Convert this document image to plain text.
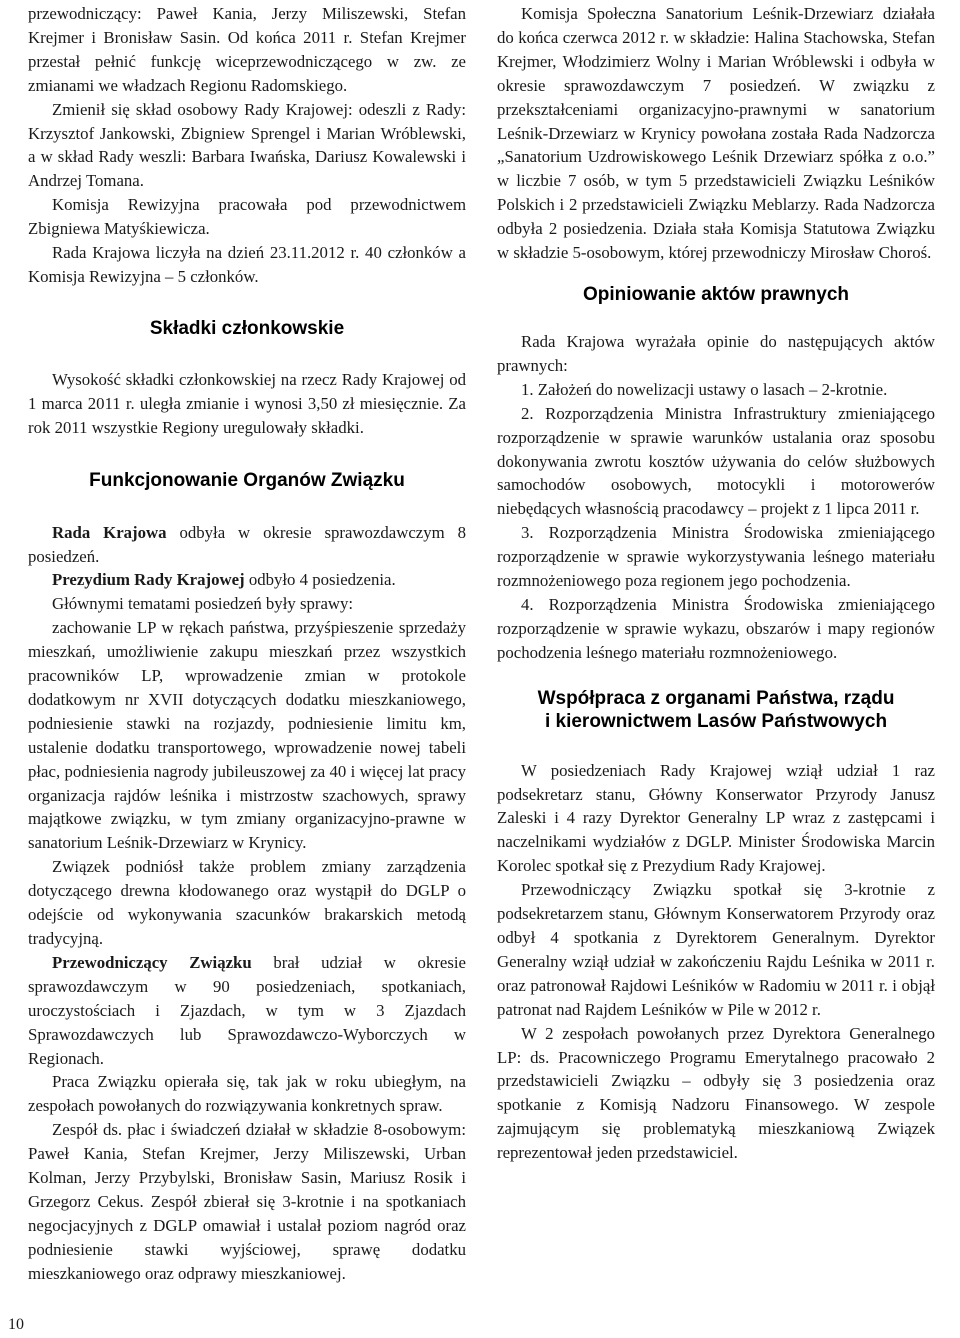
przewodniczący: Paweł Kania, Jerzy Miliszewski, Stefan Krejmer i Bronisław Sasin. Od końca 2011 r. Stefan Krejmer przestał pełnić funkcję wiceprzewodniczącego w zw. ze zmianami we władzach Regionu Radomskiego.

Zmienił się skład osobowy Rady Krajowej: odeszli z Rady: Krzysztof Jankowski, Zbigniew Sprengel i Marian Wróblewski, a w skład Rady weszli: Barbara Iwańska, Dariusz Kowalewski i Andrzej Tomana.

Komisja Rewizyjna pracowała pod przewodnictwem Zbigniewa Matyśkiewicza.

Rada Krajowa liczyła na dzień 23.11.2012 r. 40 członków a Komisja Rewizyjna – 5 członków.

Składki członkowskie

Wysokość składki członkowskiej na rzecz Rady Krajowej od 1 marca 2011 r. uległa zmianie i wynosi 3,50 zł miesięcznie. Za rok 2011 wszystkie Regiony uregulowały składki.

Funkcjonowanie Organów Związku

Rada Krajowa odbyła w okresie sprawozdawczym 8 posiedzeń.

Prezydium Rady Krajowej odbyło 4 posiedzenia.

Głównymi tematami posiedzeń były sprawy:

zachowanie LP w rękach państwa, przyśpieszenie sprzedaży mieszkań, umożliwienie zakupu mieszkań przez wszystkich pracowników LP, wprowadzenie zmian w protokole dodatkowym nr XVII dotyczących dodatku mieszkaniowego, podniesienie stawki na rozjazdy, podniesienie limitu km, ustalenie dodatku transportowego, wprowadzenie nowej tabeli płac, podniesienia nagrody jubileuszowej za 40 i więcej lat pracy organizacja rajdów leśnika i mistrzostw szachowych, sprawy majątkowe związku, w tym zmiany organizacyjno-prawne w sanatorium Leśnik-Drzewiarz w Krynicy.

Związek podniósł także problem zmiany zarządzenia dotyczącego drewna kłodowanego oraz wystąpił do DGLP o odejście od wykonywania szacunków brakarskich metodą tradycyjną.

Przewodniczący Związku brał udział w okresie sprawozdawczym w 90 posiedzeniach, spotkaniach, uroczystościach i Zjazdach, w tym w 3 Zjazdach Sprawozdawczych lub Sprawozdawczo-Wyborczych w Regionach.

Praca Związku opierała się, tak jak w roku ubiegłym, na zespołach powołanych do rozwiązywania konkretnych spraw.

Zespół ds. płac i świadczeń działał w składzie 8-osobowym: Paweł Kania, Stefan Krejmer, Jerzy Miliszewski, Urban Kolman, Jerzy Przybylski, Bronisław Sasin, Mariusz Rosik i Grzegorz Cekus. Zespół zbierał się 3-krotnie i na spotkaniach negocjacyjnych z DGLP omawiał i ustalał poziom nagród oraz podniesienie stawki wyjściowej, sprawę dodatku mieszkaniowego oraz odprawy mieszkaniowej.

Komisja Społeczna Sanatorium Leśnik-Drzewiarz działała do końca czerwca 2012 r. w składzie: Halina Stachowska, Stefan Krejmer, Włodzimierz Wolny i Marian Wróblewski i odbyła w okresie sprawozdawczym 7 posiedzeń. W związku z przekształceniami organizacyjno-prawnymi w sanatorium Leśnik-Drzewiarz w Krynicy powołana została Rada Nadzorcza „Sanatorium Uzdrowiskowego Leśnik Drzewiarz spółka z o.o.” w liczbie 7 osób, w tym 5 przedstawicieli Związku Leśników Polskich i 2 przedstawicieli Związku Meblarzy. Rada Nadzorcza odbyła 2 posiedzenia. Działa stała Komisja Statutowa Związku w składzie 5-osobowym, której przewodniczy Mirosław Choroś.

Opiniowanie aktów prawnych

Rada Krajowa wyrażała opinie do następujących aktów prawnych:

1. Założeń do nowelizacji ustawy o lasach – 2-krotnie.

2. Rozporządzenia Ministra Infrastruktury zmieniającego rozporządzenie w sprawie warunków ustalania oraz sposobu dokonywania zwrotu kosztów używania do celów służbowych samochodów osobowych, motocykli i motorowerów niebędących własnością pracodawcy – projekt z 1 lipca 2011 r.

3. Rozporządzenia Ministra Środowiska zmieniającego rozporządzenie w sprawie wykorzystywania leśnego materiału rozmnożeniowego poza regionem jego pochodzenia.

4. Rozporządzenia Ministra Środowiska zmieniającego rozporządzenie w sprawie wykazu, obszarów i mapy regionów pochodzenia leśnego materiału rozmnożeniowego.

Współpraca z organami Państwa, rządu
i kierownictwem Lasów Państwowych

W posiedzeniach Rady Krajowej wziął udział 1 raz podsekretarz stanu, Główny Konserwator Przyrody Janusz Zaleski i 4 razy Dyrektor Generalny LP wraz z zastępcami i naczelnikami wydziałów z DGLP. Minister Środowiska Marcin Korolec spotkał się z Prezydium Rady Krajowej.

Przewodniczący Związku spotkał się 3-krotnie z podsekretarzem stanu, Głównym Konserwatorem Przyrody oraz odbył 4 spotkania z Dyrektorem Generalnym. Dyrektor Generalny wziął udział w zakończeniu Rajdu Leśnika w 2011 r. oraz patronował Rajdowi Leśników w Radomiu w 2011 r. i objął patronat nad Rajdem Leśników w Pile w 2012 r.

W 2 zespołach powołanych przez Dyrektora Generalnego LP: ds. Pracowniczego Programu Emerytalnego pracowało 2 przedstawicieli Związku – odbyły się 3 posiedzenia oraz spotkanie z Komisją Nadzoru Finansowego. W zespole zajmującym się problematyką mieszkaniową Związek reprezentował jeden przedstawiciel.

10
